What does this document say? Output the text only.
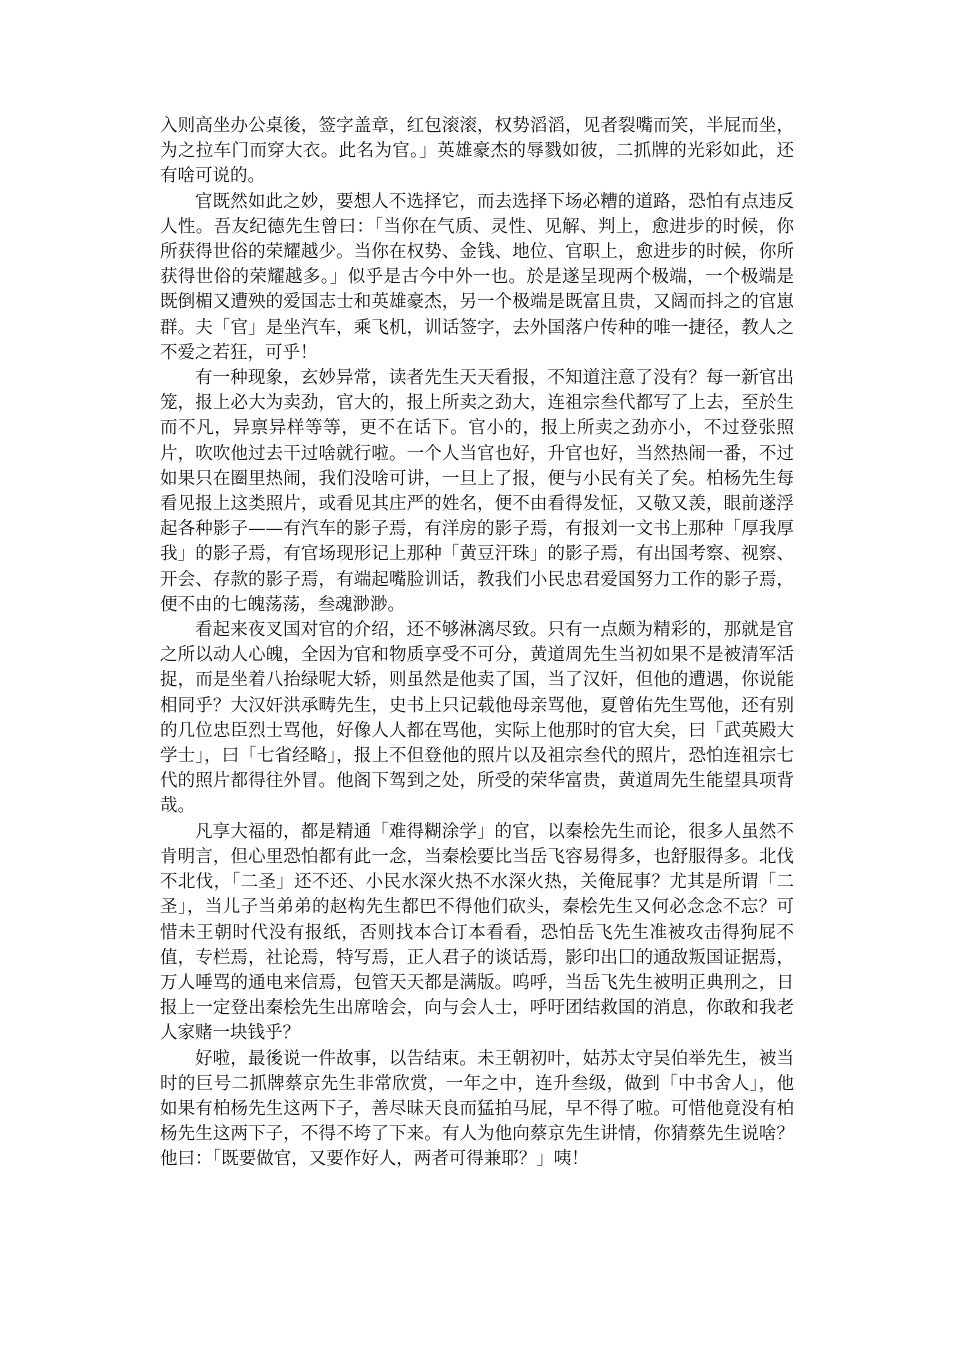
入则高坐办公桌後，签字盖章，红包滚滚，权势滔滔，见者裂嘴而笑，半屁而坐，为之拉车门而穿大衣。此名为官。」英雄豪杰的辱戮如彼，二抓牌的光彩如此，还有啥可说的。

官既然如此之妙，要想人不选择它，而去选择下场必糟的道路，恐怕有点违反人性。吾友纪德先生曾曰：「当你在气质、灵性、见解、判上，愈进步的时候，你所获得世俗的荣耀越少。当你在权势、金钱、地位、官职上，愈进步的时候，你所获得世俗的荣耀越多。」似乎是古今中外一也。於是遂呈现两个极端，一个极端是既倒楣又遭殃的爱国志士和英雄豪杰，另一个极端是既富且贵，又阔而抖之的官崽群。夫「官」是坐汽车，乘飞机，训话签字，去外国落户传种的唯一捷径，教人之不爱之若狂，可乎！

有一种现象，玄妙异常，读者先生天天看报，不知道注意了没有？每一新官出笼，报上必大为卖劲，官大的，报上所卖之劲大，连祖宗叁代都写了上去，至於生而不凡，异禀异样等等，更不在话下。官小的，报上所卖之劲亦小，不过登张照片，吹吹他过去干过啥就行啦。一个人当官也好，升官也好，当然热闹一番，不过如果只在圈里热闹，我们没啥可讲，一旦上了报，便与小民有关了矣。柏杨先生每看见报上这类照片，或看见其庄严的姓名，便不由看得发怔，又敬又羡，眼前遂浮起各种影子——有汽车的影子焉，有洋房的影子焉，有报刘一文书上那种「厚我厚我」的影子焉，有官场现形记上那种「黄豆汗珠」的影子焉，有出国考察、视察、开会、存款的影子焉，有端起嘴脸训话，教我们小民忠君爱国努力工作的影子焉，便不由的七魄荡荡，叁魂渺渺。

看起来夜叉国对官的介绍，还不够淋漓尽致。只有一点颇为精彩的，那就是官之所以动人心魄，全因为官和物质享受不可分，黄道周先生当初如果不是被清军活捉，而是坐着八抬绿呢大轿，则虽然是他卖了国，当了汉奸，但他的遭遇，你说能相同乎？大汉奸洪承畴先生，史书上只记载他母亲骂他，夏曾佑先生骂他，还有别的几位忠臣烈士骂他，好像人人都在骂他，实际上他那时的官大矣，曰「武英殿大学士」，曰「七省经略」，报上不但登他的照片以及祖宗叁代的照片，恐怕连祖宗七代的照片都得往外冒。他阁下驾到之处，所受的荣华富贵，黄道周先生能望具项背哉。

凡享大福的，都是精通「难得糊涂学」的官，以秦桧先生而论，很多人虽然不肯明言，但心里恐怕都有此一念，当秦桧要比当岳飞容易得多，也舒服得多。北伐不北伐，「二圣」还不还、小民水深火热不水深火热，关俺屁事？尤其是所谓「二圣」，当儿子当弟弟的赵构先生都巴不得他们砍头，秦桧先生又何必念念不忘？可惜未王朝时代没有报纸，否则找本合订本看看，恐怕岳飞先生准被攻击得狗屁不值，专栏焉，社论焉，特写焉，正人君子的谈话焉，影印出囗的通敌叛国证据焉，万人唾骂的通电来信焉，包管天天都是满版。呜呼，当岳飞先生被明正典刑之，日报上一定登出秦桧先生出席啥会，向与会人士，呼吁团结救国的消息，你敢和我老人家赌一块钱乎？

好啦，最後说一件故事，以告结束。未王朝初叶，姑苏太守吴伯举先生，被当时的巨号二抓牌蔡京先生非常欣赏，一年之中，连升叁级，做到「中书舍人」，他如果有柏杨先生这两下子，善尽昧天良而猛拍马屁，早不得了啦。可惜他竟没有柏杨先生这两下子，不得不垮了下来。有人为他向蔡京先生讲情，你猜蔡先生说啥？他曰：「既要做官，又要作好人，两者可得兼耶？」咦！
